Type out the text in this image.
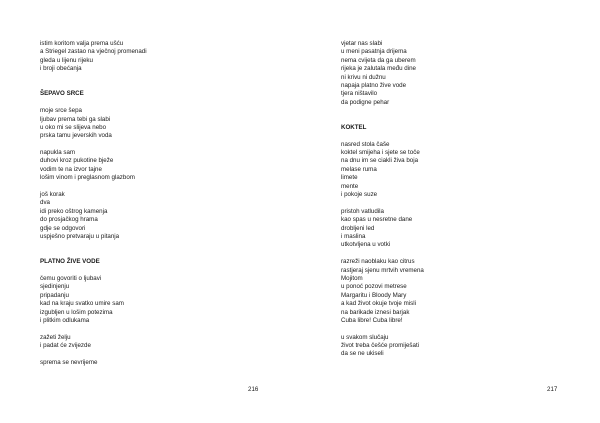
istim koritom valja prema ušću
a Striegel zastao na vječnoj promenadi
gleda u lijenu rijeku
i broji obećanja
ŠEPAVO SRCE
moje srce šepa
ljubav prema tebi ga slabi
u oko mi se slijeva nebo
prska tamu jeverskih voda
napukla sam
duhovi kroz pukotine bježe
vodim te na izvor tajne
lošim vinom i preglasnom glazbom
još korak
dva
idi preko oštrog kamenja
do prosjačkog hrama
gdje se odgovori
uspješno pretvaraju u pitanja
PLATNO ŽIVE VODE
čemu govoriti o ljubavi
sjedinjenju
pripadanju
kad na kraju svatko umire sam
izgubljen u lošim potezima
i plitkim odlukama
zažeti želju
i padat će zvijezde
sprema se nevrijeme
216
vjetar nas slabi
u meni pasatnja drijema
nema cvijeta da ga uberem
rijeka je zalutala među dine
ni krivu ni dužnu
napaja platno žive vode
tjera ništavilo
da podigne pehar
KOKTEL
nasred stola čaše
koktel smijeha i sjete se toče
na dnu im se ciakli živa boja
melase ruma
limete
mente
i pokoje suze
pristoh vatludila
kao spas u nesretne dane
drobljeni led
i maslina
utkotvljena u votki
razreži naoblaku kao citrus
rastjeraj sjenu mrtvih vremena
Mojitom
u ponoć pozovi metrese
Margaritu i Bloody Mary
a kad život okuje tvoje misli
na barikade iznesi barjak
Cuba libre! Cuba libre!
u svakom slučaju
život treba češće promiješati
da se ne ukiseli
217
